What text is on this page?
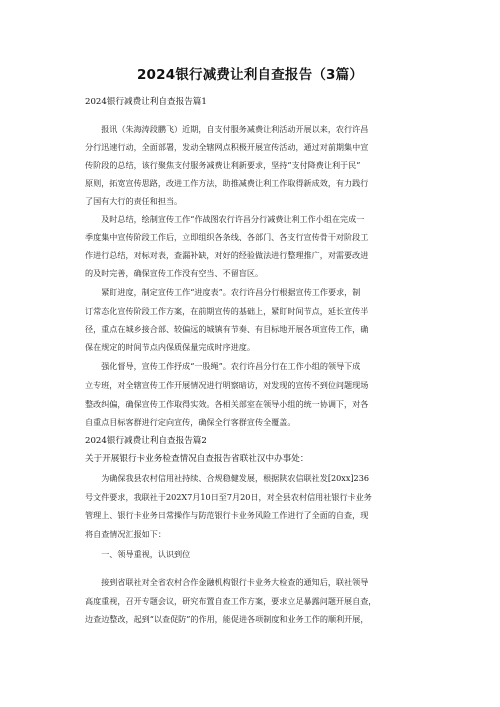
2024银行减费让利自查报告（3篇）
2024银行减费让利自查报告篇1
　　报讯（朱海涛段鹏飞）近期，自支付服务减费让利活动开展以来，农行许昌
分行迅速行动，全面部署，发动全辖网点积极开展宣传活动，通过对前期集中宣
传阶段的总结，该行聚焦支付服务减费让利新要求，坚持“支付降费让利于民”
原则，拓宽宣传思路，改进工作方法，助推减费让利工作取得新成效，有力践行
了国有大行的责任和担当。
　　及时总结，绘制宣传工作“作战图农行许昌分行减费让利工作小组在完成一
季度集中宣传阶段工作后，立即组织各条线、各部门、各支行宣传骨干对阶段工
作进行总结，对标对表，查漏补缺，对好的经验做法进行整理推广，对需要改进
的及时完善，确保宣传工作没有空当、不留盲区。
　　紧盯进度，制定宣传工作“进度表”。农行许昌分行根据宣传工作要求，制
订常态化宣传阶段工作方案，在前期宣传的基础上，紧盯时间节点，延长宣传半
径，重点在城乡接合部、较偏远的城镇有节奏、有目标地开展各项宣传工作，确
保在规定的时间节点内保质保量完成时序进度。
　　强化督导，宣传工作抒成“一股绳”。农行许昌分行在工作小组的领导下成
立专班，对全辖宣传工作开展情况进行明察暗访，对发现的宣传不到位问题现场
整改纠偏，确保宣传工作取得实效。各相关部室在领导小组的统一协调下，对各
自重点目标客群进行定向宣传，确保全行客群宣传全覆盖。
2024银行减费让利自查报告篇2
关于开展银行卡业务检查情况自查报告省联社汉中办事处：
　　为确保我县农村信用社持续、合规稳健发展，根据陕农信联社发[20xx]236
号文件要求，我联社于202X7月10日至7月20日，对全县农村信用社银行卡业务
管理上、银行卡业务日常操作与防范银行卡业务风险工作进行了全面的自查，现
将自查情况汇报如下：
　　一、领导重视，认识到位
　　接到省联社对全省农村合作金融机构银行卡业务大检查的通知后，联社领导
高度重视，召开专题会议，研究布置自查工作方案，要求立足暴露问题开展自查，
边查边整改，起到“以查促防”的作用，能促进各项制度和业务工作的顺利开展，
